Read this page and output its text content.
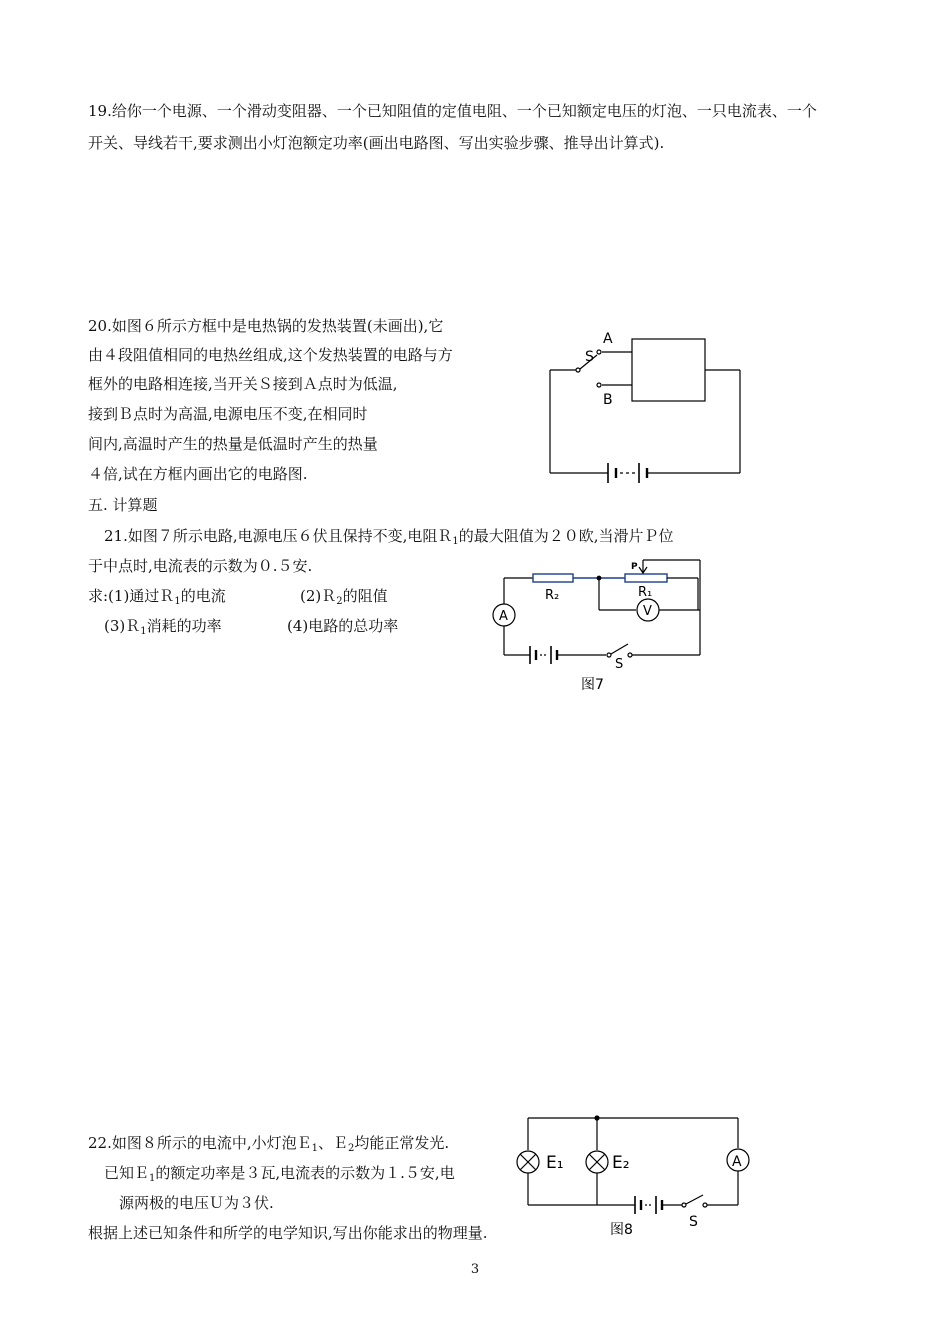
19.给你一个电源、一个滑动变阻器、一个已知阻值的定值电阻、一个已知额定电压的灯泡、一只电流表、一个
开关、导线若干,要求测出小灯泡额定功率(画出电路图、写出实验步骤、推导出计算式).
20.如图６所示方框中是电热锅的发热装置(未画出),它
由４段阻值相同的电热丝组成,这个发热装置的电路与方
框外的电路相连接,当开关Ｓ接到Ａ点时为低温,
接到Ｂ点时为高温,电源电压不变,在相同时
间内,高温时产生的热量是低温时产生的热量
４倍,试在方框内画出它的电路图.
A
S
B
五. 计算题
21.如图７所示电路,电源电压６伏且保持不变,电阻Ｒ$_1$的最大阻值为２０欧,当滑片Ｐ位
于中点时,电流表的示数为０.５安.
求:(1)通过Ｒ$_1$的电流	(2)Ｒ$_2$的阻值
(3)Ｒ$_1$消耗的功率	(4)电路的总功率
A	V
R₂	R₁
P
S
图7
22.如图８所示的电流中,小灯泡Ｅ$_1$、Ｅ$_2$均能正常发光.
已知Ｅ$_1$的额定功率是３瓦,电流表的示数为１.５安,电
源两极的电压Ｕ为３伏.
根据上述已知条件和所学的电学知识,写出你能求出的物理量.
E₁	E₂	A
S
图8
3
